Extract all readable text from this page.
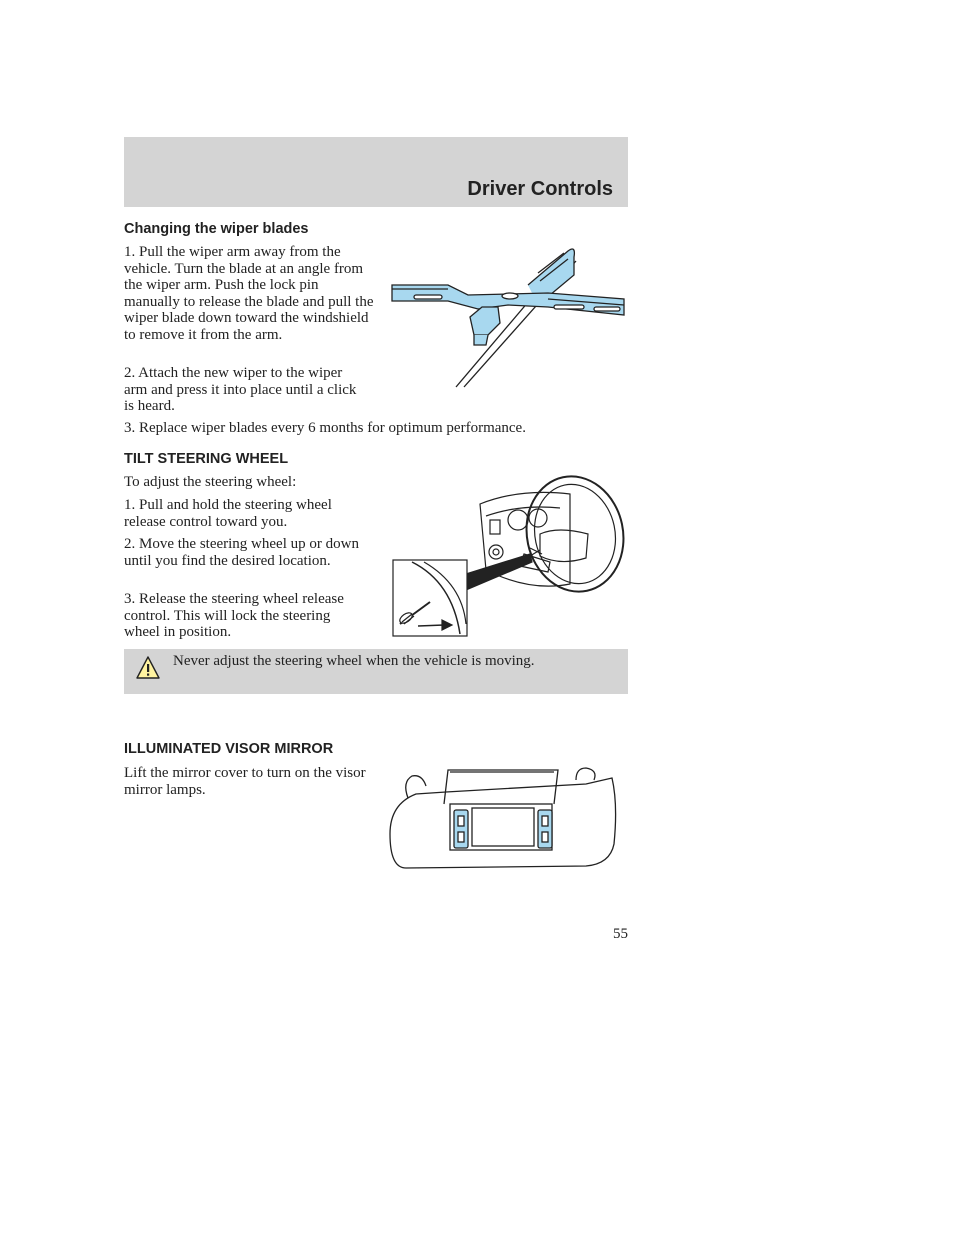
Driver Controls
Changing the wiper blades

1. Pull the wiper arm away from the vehicle. Turn the blade at an angle from the wiper arm. Push the lock pin manually to release the blade and pull the wiper blade down toward the windshield to remove it from the arm.

2. Attach the new wiper to the wiper arm and press it into place until a click is heard.

3. Replace wiper blades every 6 months for optimum performance.

TILT STEERING WHEEL

To adjust the steering wheel:

1. Pull and hold the steering wheel release control toward you.

2. Move the steering wheel up or down until you find the desired location.

3. Release the steering wheel release control. This will lock the steering wheel in position.

Never adjust the steering wheel when the vehicle is moving.
ILLUMINATED VISOR MIRROR

Lift the mirror cover to turn on the visor mirror lamps.

55
